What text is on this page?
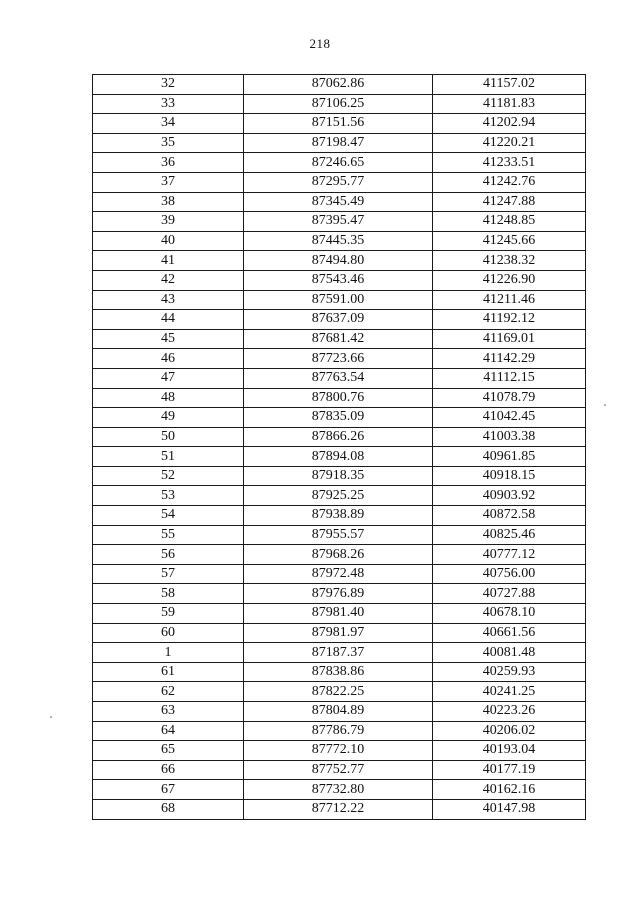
218
32	87062.86	41157.02
33	87106.25	41181.83
34	87151.56	41202.94
35	87198.47	41220.21
36	87246.65	41233.51
37	87295.77	41242.76
38	87345.49	41247.88
39	87395.47	41248.85
40	87445.35	41245.66
41	87494.80	41238.32
42	87543.46	41226.90
43	87591.00	41211.46
44	87637.09	41192.12
45	87681.42	41169.01
46	87723.66	41142.29
47	87763.54	41112.15
48	87800.76	41078.79
49	87835.09	41042.45
50	87866.26	41003.38
51	87894.08	40961.85
52	87918.35	40918.15
53	87925.25	40903.92
54	87938.89	40872.58
55	87955.57	40825.46
56	87968.26	40777.12
57	87972.48	40756.00
58	87976.89	40727.88
59	87981.40	40678.10
60	87981.97	40661.56
1	87187.37	40081.48
61	87838.86	40259.93
62	87822.25	40241.25
63	87804.89	40223.26
64	87786.79	40206.02
65	87772.10	40193.04
66	87752.77	40177.19
67	87732.80	40162.16
68	87712.22	40147.98
